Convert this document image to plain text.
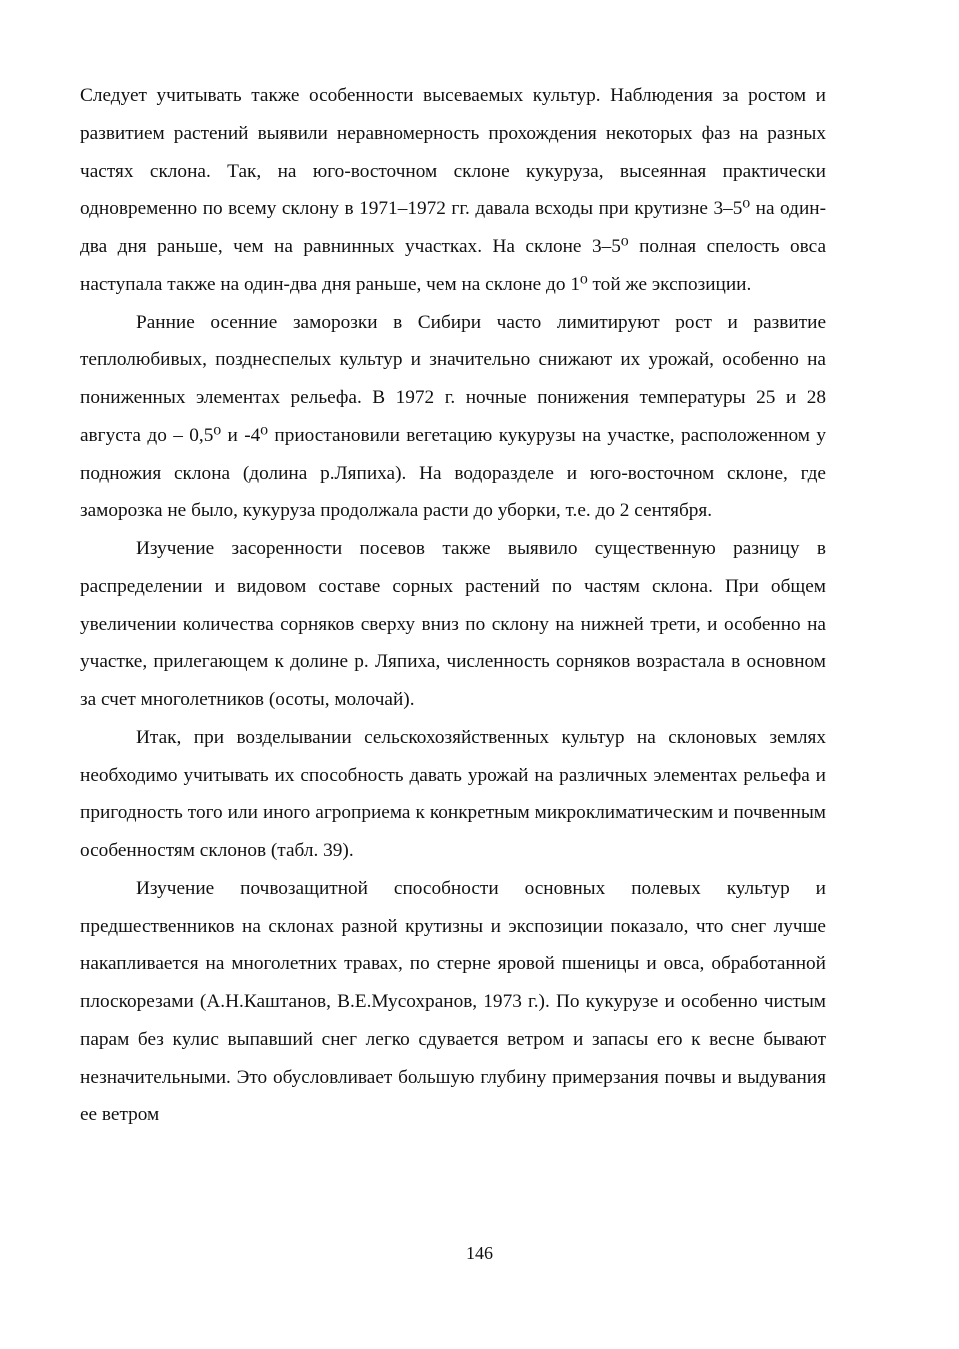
Следует учитывать также особенности высеваемых культур. Наблюдения за ростом и развитием растений выявили неравномерность прохождения некоторых фаз на разных частях склона. Так, на юго-восточном склоне кукуруза, высеянная практически одновременно по всему склону в 1971–1972 гг. давала всходы при крутизне 3–5⁰ на один-два дня раньше, чем на равнинных участках. На склоне 3–5⁰ полная спелость овса наступала также на один-два дня раньше, чем на склоне до 1⁰ той же экспозиции.

Ранние осенние заморозки в Сибири часто лимитируют рост и развитие теплолюбивых, позднеспелых культур и значительно снижают их урожай, особенно на пониженных элементах рельефа. В 1972 г. ночные понижения температуры 25 и 28 августа до – 0,5⁰ и -4⁰ приостановили вегетацию кукурузы на участке, расположенном у подножия склона (долина р.Ляпиха). На водоразделе и юго-восточном склоне, где заморозка не было, кукуруза продолжала расти до уборки, т.е. до 2 сентября.

Изучение засоренности посевов также выявило существенную разницу в распределении и видовом составе сорных растений по частям склона. При общем увеличении количества сорняков сверху вниз по склону на нижней трети, и особенно на участке, прилегающем к долине р. Ляпиха, численность сорняков возрастала в основном за счет многолетников (осоты, молочай).

Итак, при возделывании сельскохозяйственных культур на склоновых землях необходимо учитывать их способность давать урожай на различных элементах рельефа и пригодность того или иного агроприема к конкретным микроклиматическим и почвенным особенностям склонов (табл. 39).

Изучение почвозащитной способности основных полевых культур и предшественников на склонах разной крутизны и экспозиции показало, что снег лучше накапливается на многолетних травах, по стерне яровой пшеницы и овса, обработанной плоскорезами (А.Н.Каштанов, В.Е.Мусохранов, 1973 г.). По кукурузе и особенно чистым парам без кулис выпавший снег легко сдувается ветром и запасы его к весне бывают незначительными. Это обусловливает большую глубину примерзания почвы и выдувания ее ветром

146
